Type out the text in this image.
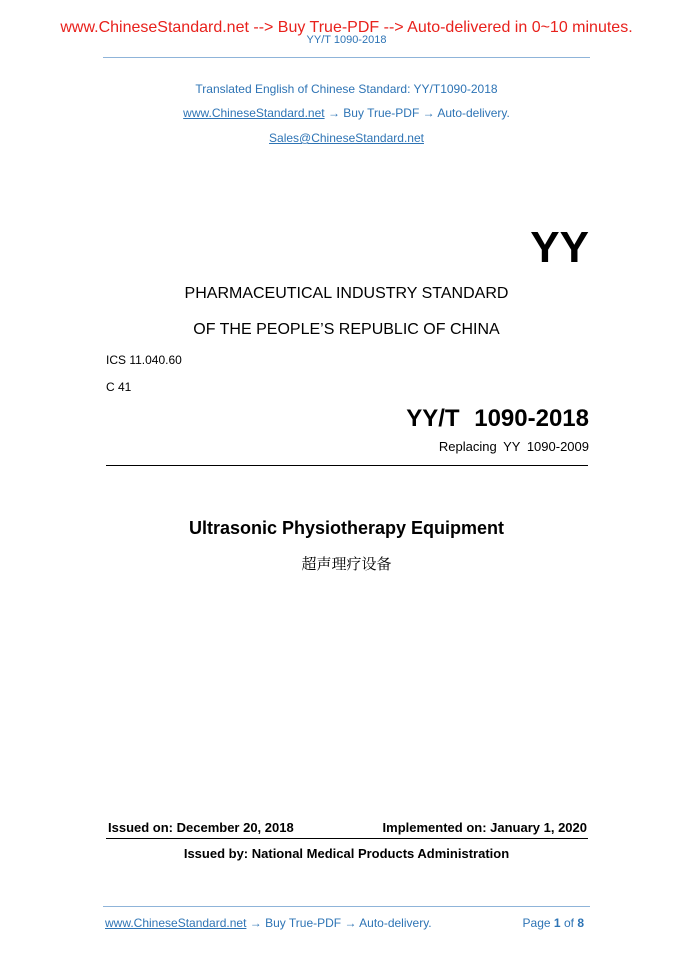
www.ChineseStandard.net --> Buy True-PDF --> Auto-delivered in 0~10 minutes.
YY/T 1090-2018
Translated English of Chinese Standard: YY/T1090-2018
www.ChineseStandard.net → Buy True-PDF → Auto-delivery.
Sales@ChineseStandard.net
YY
PHARMACEUTICAL INDUSTRY STANDARD
OF THE PEOPLE’S REPUBLIC OF CHINA
ICS 11.040.60
C 41
YY/T 1090-2018
Replacing YY 1090-2009
Ultrasonic Physiotherapy Equipment
超声理疗设备
Issued on: December 20, 2018	Implemented on: January 1, 2020
Issued by: National Medical Products Administration
www.ChineseStandard.net → Buy True-PDF → Auto-delivery.	Page 1 of 8
